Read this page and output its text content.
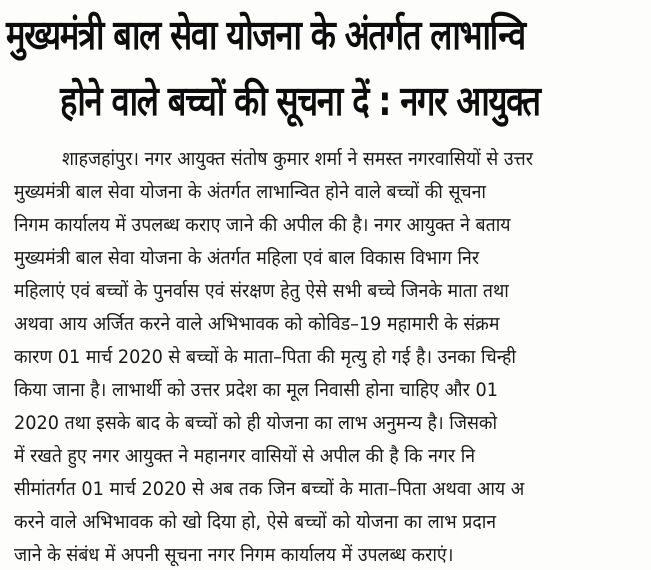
मुख्यमंत्री बाल सेवा योजना के अंतर्गत लाभान्वि
होने वाले बच्चों की सूचना दें : नगर आयुक्त
शाहजहांपुर। नगर आयुक्त संतोष कुमार शर्मा ने समस्त नगरवासियों से उत्तर
मुख्यमंत्री बाल सेवा योजना के अंतर्गत लाभान्वित होने वाले बच्चों की सूचना
निगम कार्यालय में उपलब्ध कराए जाने की अपील की है। नगर आयुक्त ने बताय
मुख्यमंत्री बाल सेवा योजना के अंतर्गत महिला एवं बाल विकास विभाग निर
महिलाएं एवं बच्चों के पुनर्वास एवं संरक्षण हेतु ऐसे सभी बच्चे जिनके माता तथा
अथवा आय अर्जित करने वाले अभिभावक को कोविड–19 महामारी के संक्रम
कारण 01 मार्च 2020 से बच्चों के माता–पिता की मृत्यु हो गई है। उनका चिन्ही
किया जाना है। लाभार्थी को उत्तर प्रदेश का मूल निवासी होना चाहिए और 01
2020 तथा इसके बाद के बच्चों को ही योजना का लाभ अनुमन्य है। जिसको
में रखते हुए नगर आयुक्त ने महानगर वासियों से अपील की है कि नगर नि
सीमांतर्गत 01 मार्च 2020 से अब तक जिन बच्चों के माता–पिता अथवा आय अ
करने वाले अभिभावक को खो दिया हो, ऐसे बच्चों को योजना का लाभ प्रदान
जाने के संबंध में अपनी सूचना नगर निगम कार्यालय में उपलब्ध कराएं।
